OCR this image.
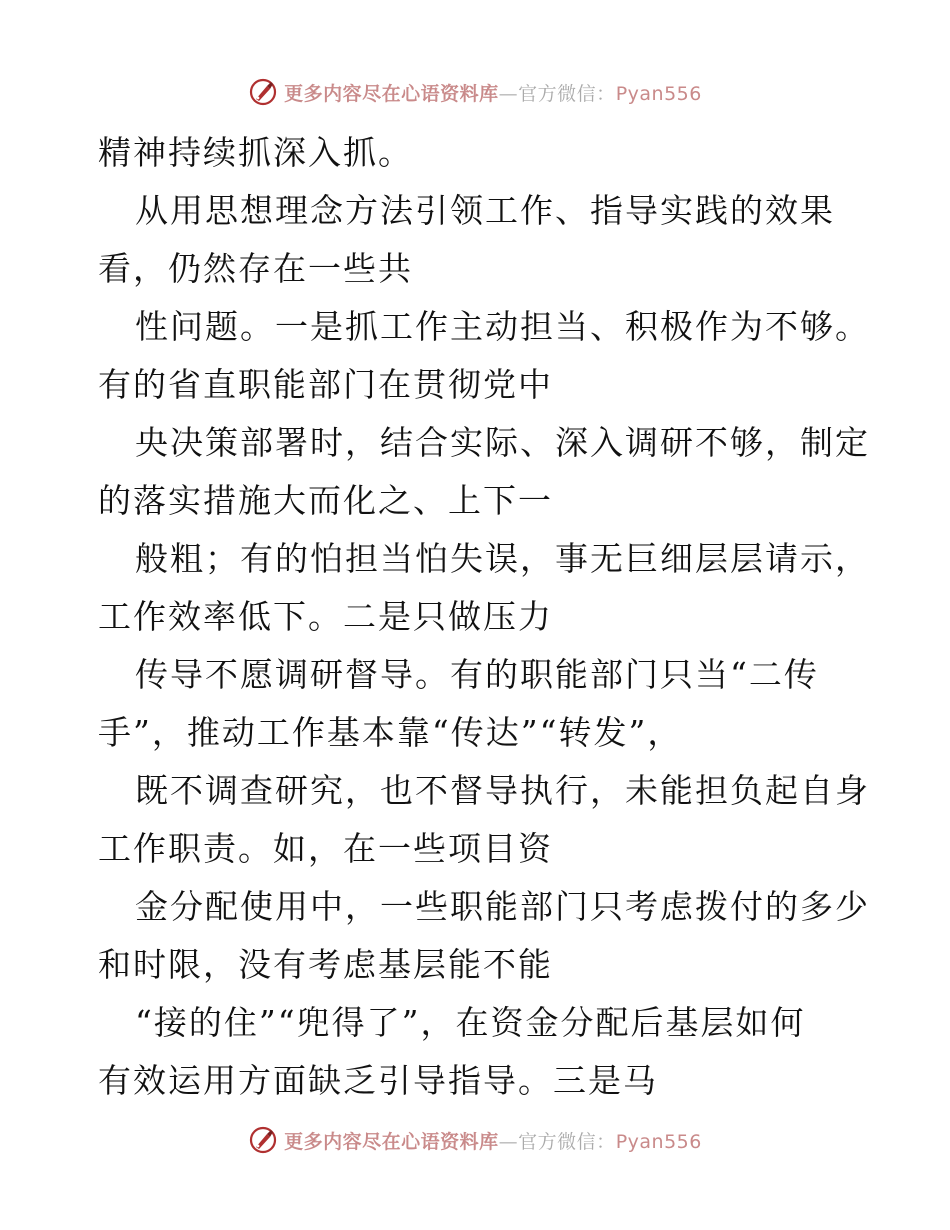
更多内容尽在心语资料库—官方微信：Pyan556
精神持续抓深入抓。
从用思想理念方法引领工作、指导实践的效果
看，仍然存在一些共
性问题。一是抓工作主动担当、积极作为不够。
有的省直职能部门在贯彻党中
央决策部署时，结合实际、深入调研不够，制定
的落实措施大而化之、上下一
般粗；有的怕担当怕失误，事无巨细层层请示，
工作效率低下。二是只做压力
传导不愿调研督导。有的职能部门只当“二传
手”，推动工作基本靠“传达”“转发”，
既不调查研究，也不督导执行，未能担负起自身
工作职责。如，在一些项目资
金分配使用中，一些职能部门只考虑拨付的多少
和时限，没有考虑基层能不能
“接的住”“兜得了”，在资金分配后基层如何
有效运用方面缺乏引导指导。三是马
更多内容尽在心语资料库—官方微信：Pyan556
